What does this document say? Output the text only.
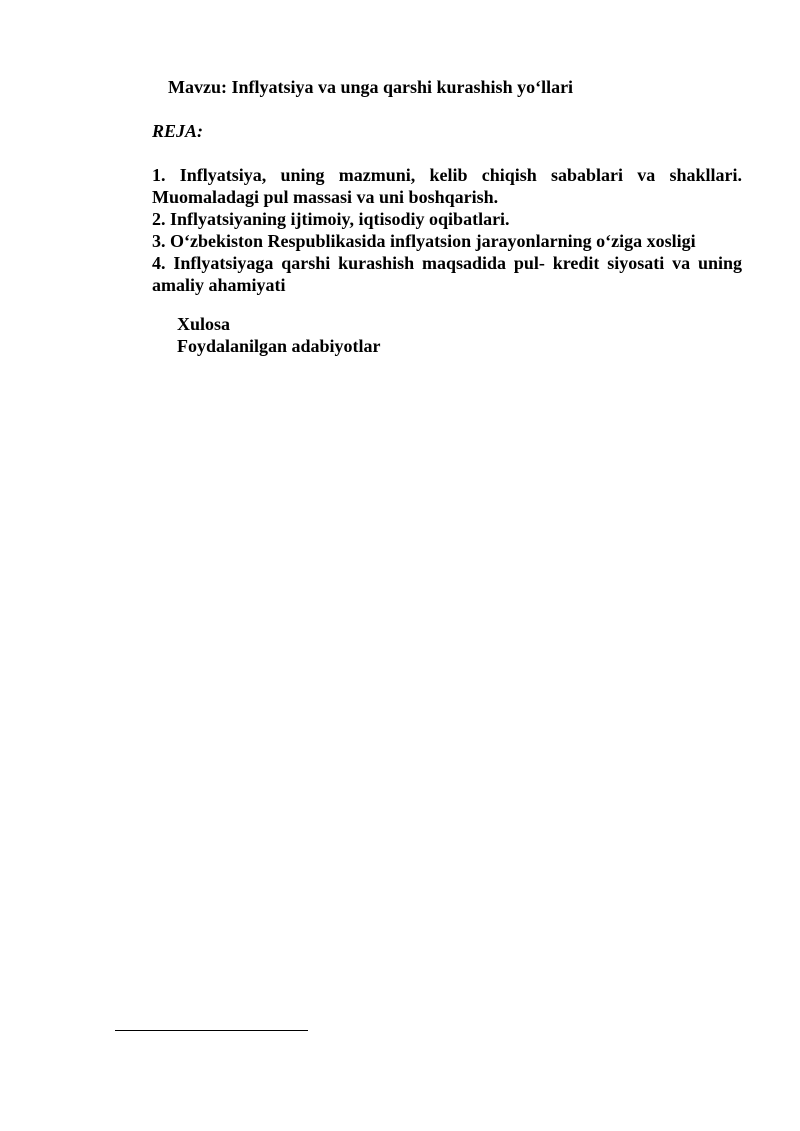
Mavzu: Inflyatsiya va unga qarshi kurashish yo‘llari
REJA:
1. Inflyatsiya, uning mazmuni, kelib chiqish sabablari va shakllari. Muomaladagi pul massasi va uni boshqarish.
2. Inflyatsiyaning ijtimoiy, iqtisodiy oqibatlari.
3. O‘zbekiston Respublikasida inflyatsion jarayonlarning o‘ziga xosligi
4. Inflyatsiyaga qarshi kurashish maqsadida pul- kredit siyosati va uning amaliy ahamiyati
Xulosa
Foydalanilgan adabiyotlar
